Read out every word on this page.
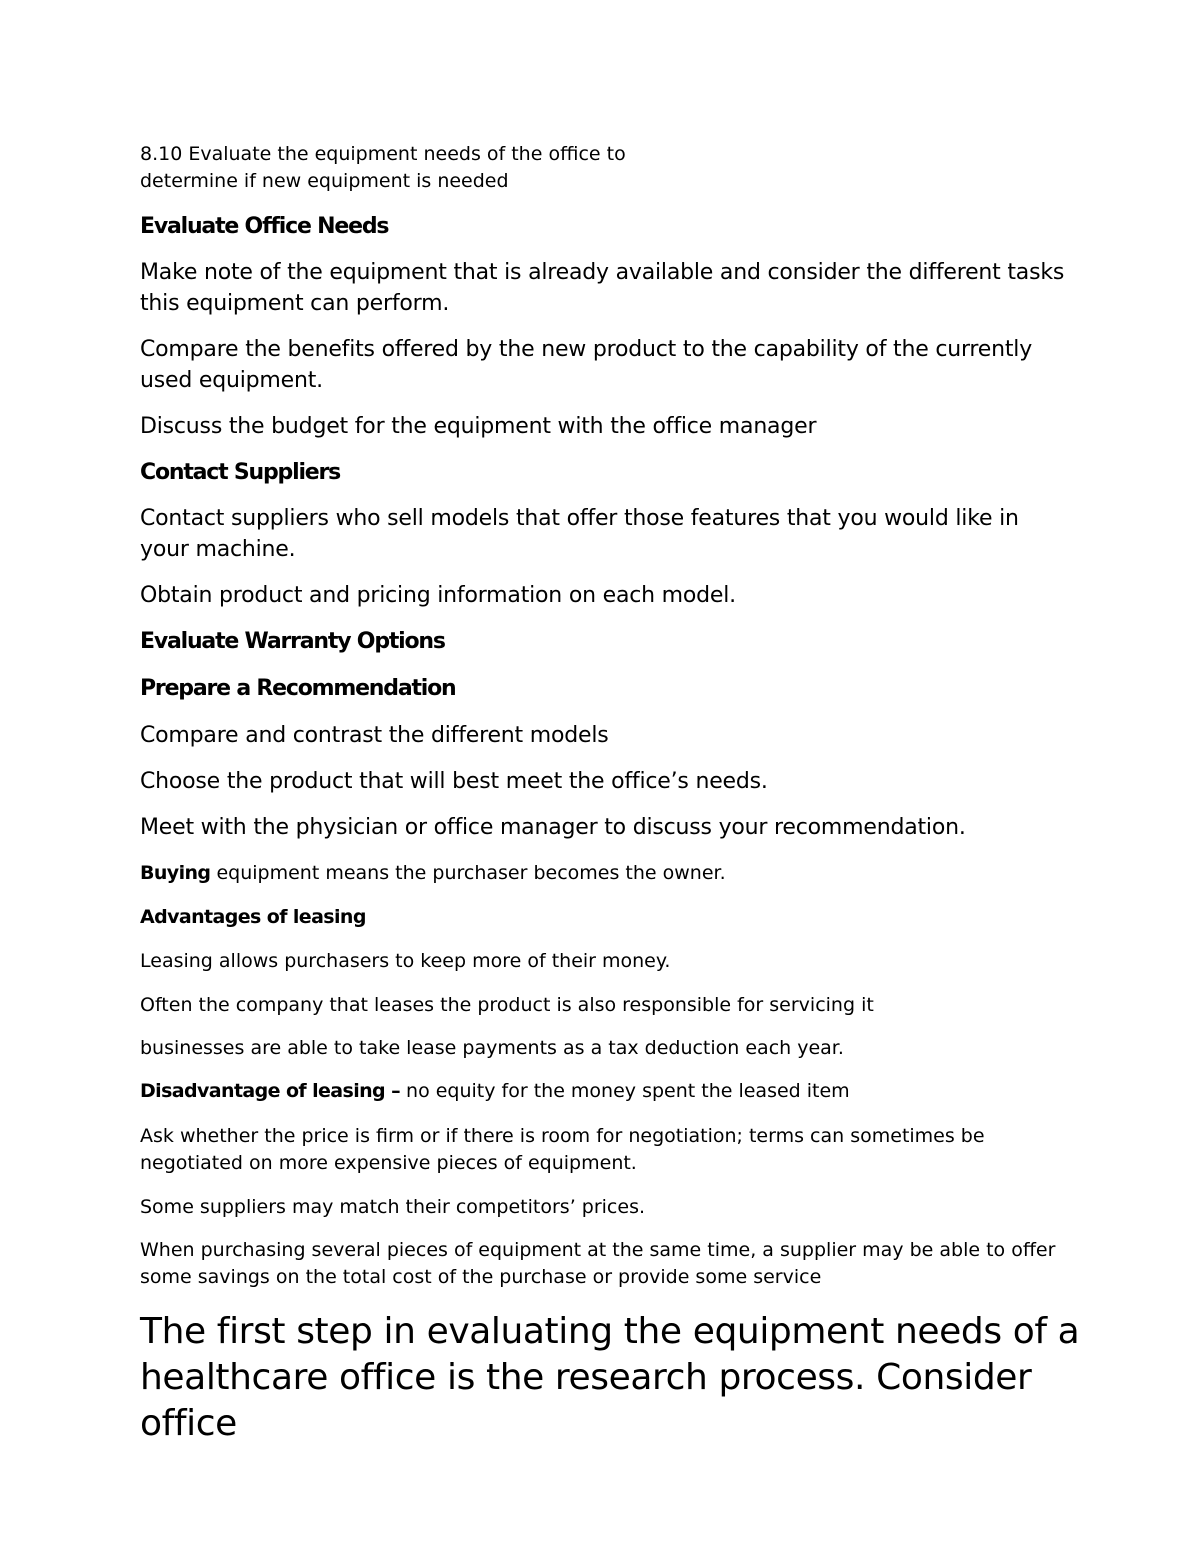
8.10 Evaluate the equipment needs of the office to
determine if new equipment is needed

Evaluate Office Needs

Make note of the equipment that is already available and consider the different tasks this equipment can perform.

Compare the benefits offered by the new product to the capability of the currently used equipment.

Discuss the budget for the equipment with the office manager

Contact Suppliers

Contact suppliers who sell models that offer those features that you would like in your machine.

Obtain product and pricing information on each model.

Evaluate Warranty Options

Prepare a Recommendation

Compare and contrast the different models

Choose the product that will best meet the office’s needs.

Meet with the physician or office manager to discuss your recommendation.

Buying equipment means the purchaser becomes the owner.

Advantages of leasing

Leasing allows purchasers to keep more of their money.

Often the company that leases the product is also responsible for servicing it

businesses are able to take lease payments as a tax deduction each year.

Disadvantage of leasing – no equity for the money spent the leased item

Ask whether the price is firm or if there is room for negotiation; terms can sometimes be negotiated on more expensive pieces of equipment.

Some suppliers may match their competitors’ prices.

When purchasing several pieces of equipment at the same time, a supplier may be able to offer some savings on the total cost of the purchase or provide some service

The first step in evaluating the equipment needs of a healthcare office is the research process. Consider office
